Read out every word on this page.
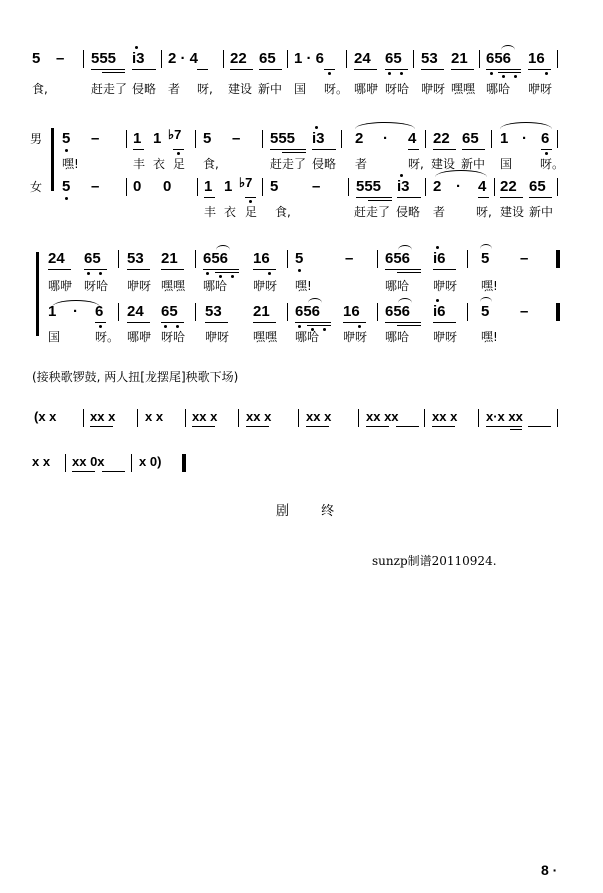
5 – 555 i3 2 · 4 22 65 1 · 6 24 65 53 21 656 16
食,	赶走了 侵略 者 呀, 建设 新中 国 呀。 哪咿 呀哈 咿呀 嘿嘿 哪哈 咿呀
男
女
5 – 1 1 ♭7 5 – 555 i3 2 · 4 22 65 1 · 6
嘿!	丰 衣 足 食,	赶走了 侵略 者	呀, 建设 新中 国 呀。
5 – 0 0 1 1 ♭7 5 – 555 i3 2 · 4 22 65
丰 衣 足 食,	赶走了 侵略 者	呀, 建设 新中
24 65 53 21 656 16 5	– 656 i6 5 –
哪咿 呀哈 咿呀 嘿嘿 哪哈 咿呀 嘿!	哪哈 咿呀 嘿!
1 · 6 24 65 53 21 656 16 656 i6 5 –
国	呀。 哪咿 呀哈 咿呀 嘿嘿 哪哈 咿呀 哪哈 咿呀 嘿!
(接秧歌锣鼓, 两人扭[龙摆尾]秧歌下场)
(x x	xx x x x xx x xx x	xx x	xx xx	xx x x·x xx
x x xx 0x	x 0)
剧 终
sunzp制谱20110924.
8 ·
